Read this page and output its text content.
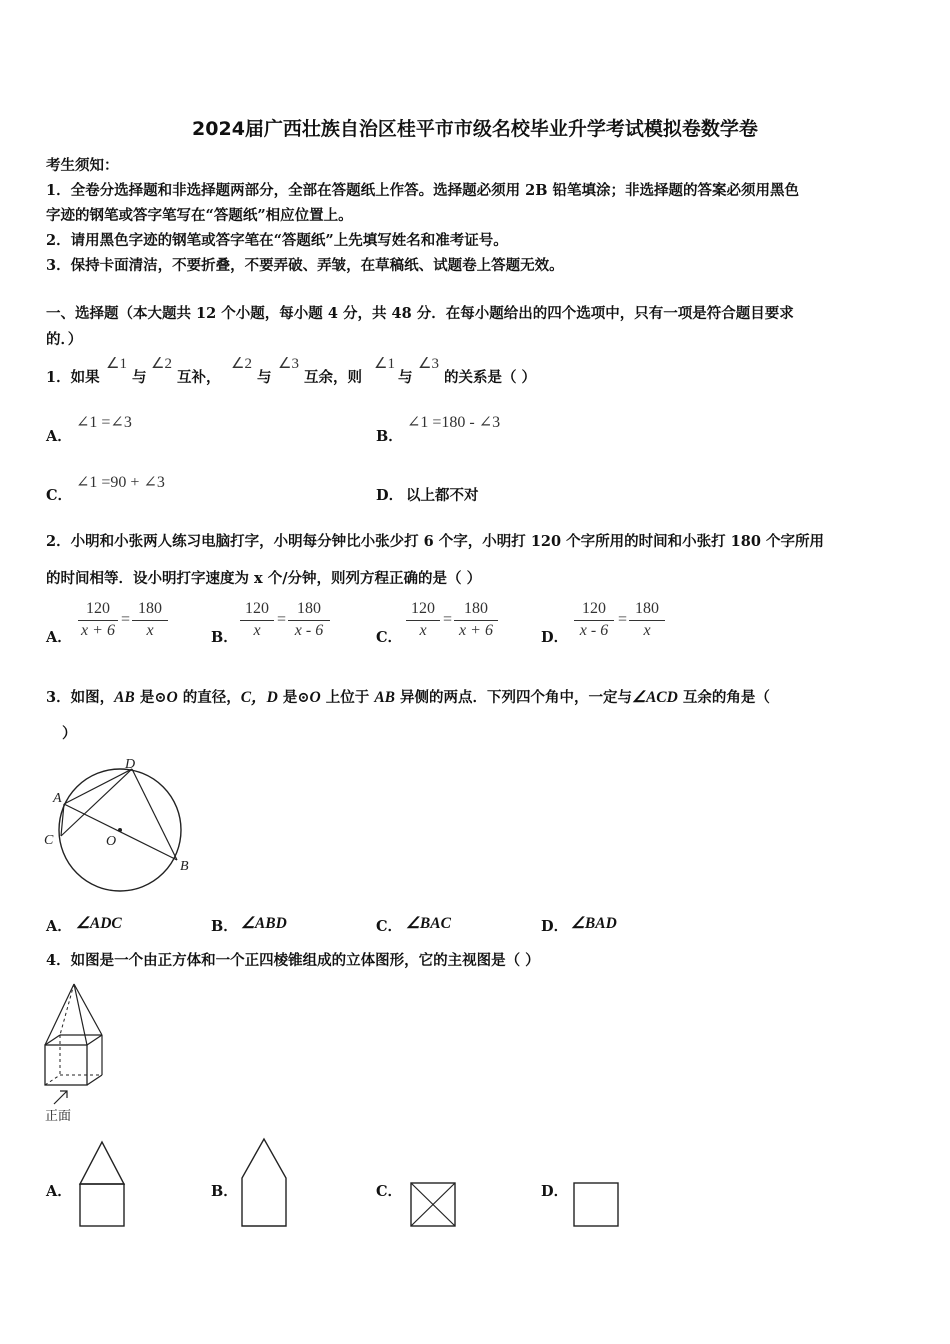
2024届广西壮族自治区桂平市市级名校毕业升学考试模拟卷数学卷
考生须知：
1．全卷分选择题和非选择题两部分，全部在答题纸上作答。选择题必须用 2B 铅笔填涂；非选择题的答案必须用黑色
字迹的钢笔或答字笔写在“答题纸”相应位置上。
2．请用黑色字迹的钢笔或答字笔在“答题纸”上先填写姓名和准考证号。
3．保持卡面清洁，不要折叠，不要弄破、弄皱，在草稿纸、试题卷上答题无效。
一、选择题（本大题共 12 个小题，每小题 4 分，共 48 分．在每小题给出的四个选项中，只有一项是符合题目要求
的．）
1．如果
∠1
与
∠2
互补，
∠2
与
∠3
互余，则
∠1
与
∠3
的关系是（ ）
A．
∠1 =∠3
B．
∠1 =180 - ∠3
C．
∠1 =90 + ∠3
D． 以上都不对
2．小明和小张两人练习电脑打字，小明每分钟比小张少打 6 个字，小明打 120 个字所用的时间和小张打 180 个字所用
的时间相等．设小明打字速度为 x 个/分钟，则列方程正确的是（ ）
A． $\frac{120}{x + 6} = \frac{180}{x}$	B． $\frac{120}{x} = \frac{180}{x - 6}$	C． $\frac{120}{x} = \frac{180}{x + 6}$	D． $\frac{120}{x - 6} = \frac{180}{x}$
3．如图，AB 是⊙O 的直径，C，D 是⊙O 上位于 AB 异侧的两点．下列四个角中，一定与∠ACD 互余的角是（
）
A
B
C
D
O
A． ∠ADC	B． ∠ABD	C． ∠BAC	D． ∠BAD
4．如图是一个由正方体和一个正四棱锥组成的立体图形，它的主视图是（ ）
正面
A．	B．	C．	D．
